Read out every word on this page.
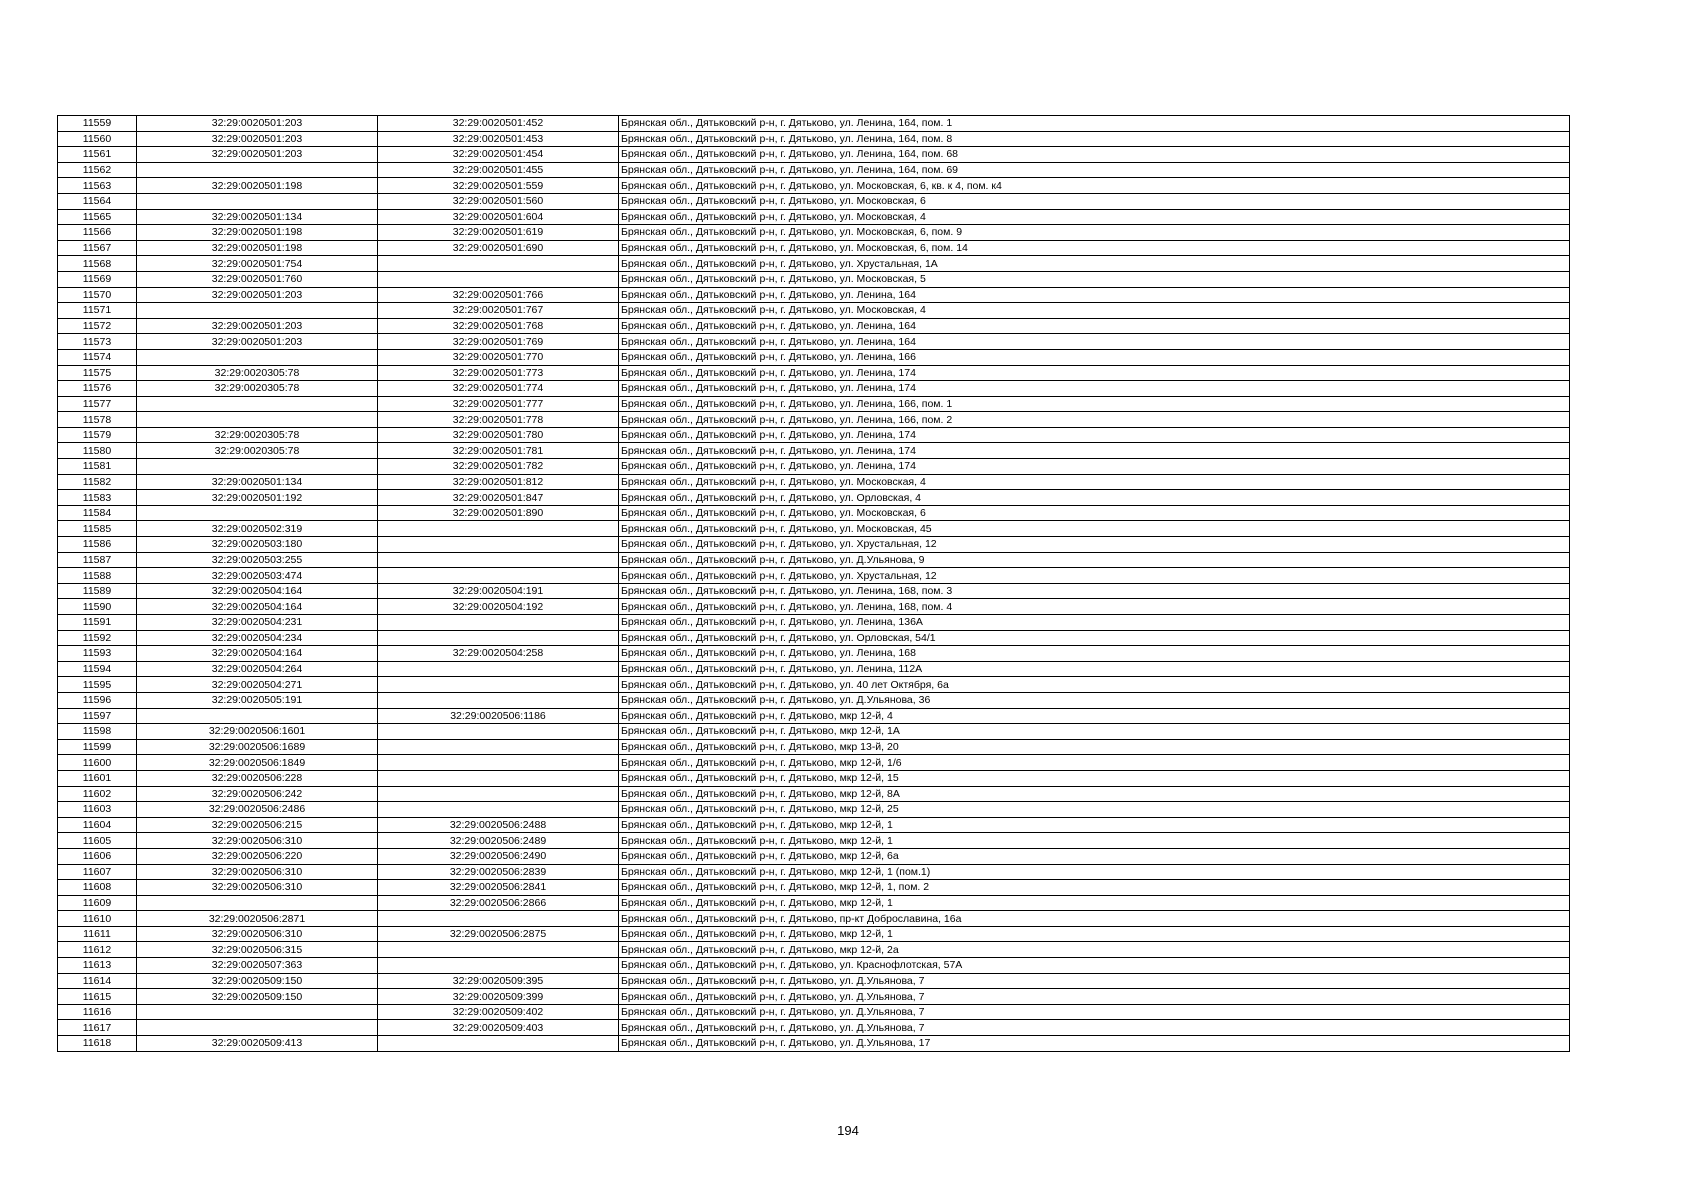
11559	32:29:0020501:203	32:29:0020501:452	Брянская обл., Дятьковский р-н, г. Дятьково, ул. Ленина, 164, пом. 1
11560	32:29:0020501:203	32:29:0020501:453	Брянская обл., Дятьковский р-н, г. Дятьково, ул. Ленина, 164, пом. 8
11561	32:29:0020501:203	32:29:0020501:454	Брянская обл., Дятьковский р-н, г. Дятьково, ул. Ленина, 164, пом. 68
11562		32:29:0020501:455	Брянская обл., Дятьковский р-н, г. Дятьково, ул. Ленина, 164, пом. 69
11563	32:29:0020501:198	32:29:0020501:559	Брянская обл., Дятьковский р-н, г. Дятьково, ул. Московская, 6, кв. к 4, пом. к4
11564		32:29:0020501:560	Брянская обл., Дятьковский р-н, г. Дятьково, ул. Московская, 6
11565	32:29:0020501:134	32:29:0020501:604	Брянская обл., Дятьковский р-н, г. Дятьково, ул. Московская, 4
11566	32:29:0020501:198	32:29:0020501:619	Брянская обл., Дятьковский р-н, г. Дятьково, ул. Московская, 6, пом. 9
11567	32:29:0020501:198	32:29:0020501:690	Брянская обл., Дятьковский р-н, г. Дятьково, ул. Московская, 6, пом. 14
11568	32:29:0020501:754		Брянская обл., Дятьковский р-н, г. Дятьково, ул. Хрустальная, 1А
11569	32:29:0020501:760		Брянская обл., Дятьковский р-н, г. Дятьково, ул. Московская, 5
11570	32:29:0020501:203	32:29:0020501:766	Брянская обл., Дятьковский р-н, г. Дятьково, ул. Ленина, 164
11571		32:29:0020501:767	Брянская обл., Дятьковский р-н, г. Дятьково, ул. Московская, 4
11572	32:29:0020501:203	32:29:0020501:768	Брянская обл., Дятьковский р-н, г. Дятьково, ул. Ленина, 164
11573	32:29:0020501:203	32:29:0020501:769	Брянская обл., Дятьковский р-н, г. Дятьково, ул. Ленина, 164
11574		32:29:0020501:770	Брянская обл., Дятьковский р-н, г. Дятьково, ул. Ленина, 166
11575	32:29:0020305:78	32:29:0020501:773	Брянская обл., Дятьковский р-н, г. Дятьково, ул. Ленина, 174
11576	32:29:0020305:78	32:29:0020501:774	Брянская обл., Дятьковский р-н, г. Дятьково, ул. Ленина, 174
11577		32:29:0020501:777	Брянская обл., Дятьковский р-н, г. Дятьково, ул. Ленина, 166, пом. 1
11578		32:29:0020501:778	Брянская обл., Дятьковский р-н, г. Дятьково, ул. Ленина, 166, пом. 2
11579	32:29:0020305:78	32:29:0020501:780	Брянская обл., Дятьковский р-н, г. Дятьково, ул. Ленина, 174
11580	32:29:0020305:78	32:29:0020501:781	Брянская обл., Дятьковский р-н, г. Дятьково, ул. Ленина, 174
11581		32:29:0020501:782	Брянская обл., Дятьковский р-н, г. Дятьково, ул. Ленина, 174
11582	32:29:0020501:134	32:29:0020501:812	Брянская обл., Дятьковский р-н, г. Дятьково, ул. Московская, 4
11583	32:29:0020501:192	32:29:0020501:847	Брянская обл., Дятьковский р-н, г. Дятьково, ул. Орловская, 4
11584		32:29:0020501:890	Брянская обл., Дятьковский р-н, г. Дятьково, ул. Московская, 6
11585	32:29:0020502:319		Брянская обл., Дятьковский р-н, г. Дятьково, ул. Московская, 45
11586	32:29:0020503:180		Брянская обл., Дятьковский р-н, г. Дятьково, ул. Хрустальная, 12
11587	32:29:0020503:255		Брянская обл., Дятьковский р-н, г. Дятьково, ул. Д.Ульянова, 9
11588	32:29:0020503:474		Брянская обл., Дятьковский р-н, г. Дятьково, ул. Хрустальная, 12
11589	32:29:0020504:164	32:29:0020504:191	Брянская обл., Дятьковский р-н, г. Дятьково, ул. Ленина, 168, пом. 3
11590	32:29:0020504:164	32:29:0020504:192	Брянская обл., Дятьковский р-н, г. Дятьково, ул. Ленина, 168, пом. 4
11591	32:29:0020504:231		Брянская обл., Дятьковский р-н, г. Дятьково, ул. Ленина, 136А
11592	32:29:0020504:234		Брянская обл., Дятьковский р-н, г. Дятьково, ул. Орловская, 54/1
11593	32:29:0020504:164	32:29:0020504:258	Брянская обл., Дятьковский р-н, г. Дятьково, ул. Ленина, 168
11594	32:29:0020504:264		Брянская обл., Дятьковский р-н, г. Дятьково, ул. Ленина, 112А
11595	32:29:0020504:271		Брянская обл., Дятьковский р-н, г. Дятьково, ул. 40 лет Октября, 6а
11596	32:29:0020505:191		Брянская обл., Дятьковский р-н, г. Дятьково, ул. Д.Ульянова, 36
11597		32:29:0020506:1186	Брянская обл., Дятьковский р-н, г. Дятьково, мкр 12-й, 4
11598	32:29:0020506:1601		Брянская обл., Дятьковский р-н, г. Дятьково, мкр 12-й, 1А
11599	32:29:0020506:1689		Брянская обл., Дятьковский р-н, г. Дятьково, мкр 13-й, 20
11600	32:29:0020506:1849		Брянская обл., Дятьковский р-н, г. Дятьково, мкр 12-й, 1/6
11601	32:29:0020506:228		Брянская обл., Дятьковский р-н, г. Дятьково, мкр 12-й, 15
11602	32:29:0020506:242		Брянская обл., Дятьковский р-н, г. Дятьково, мкр 12-й, 8А
11603	32:29:0020506:2486		Брянская обл., Дятьковский р-н, г. Дятьково, мкр 12-й, 25
11604	32:29:0020506:215	32:29:0020506:2488	Брянская обл., Дятьковский р-н, г. Дятьково, мкр 12-й, 1
11605	32:29:0020506:310	32:29:0020506:2489	Брянская обл., Дятьковский р-н, г. Дятьково, мкр 12-й, 1
11606	32:29:0020506:220	32:29:0020506:2490	Брянская обл., Дятьковский р-н, г. Дятьково, мкр 12-й, 6а
11607	32:29:0020506:310	32:29:0020506:2839	Брянская обл., Дятьковский р-н, г. Дятьково, мкр 12-й, 1 (пом.1)
11608	32:29:0020506:310	32:29:0020506:2841	Брянская обл., Дятьковский р-н, г. Дятьково, мкр 12-й, 1, пом. 2
11609		32:29:0020506:2866	Брянская обл., Дятьковский р-н, г. Дятьково, мкр 12-й, 1
11610	32:29:0020506:2871		Брянская обл., Дятьковский р-н, г. Дятьково, пр-кт Доброславина, 16а
11611	32:29:0020506:310	32:29:0020506:2875	Брянская обл., Дятьковский р-н, г. Дятьково, мкр 12-й, 1
11612	32:29:0020506:315		Брянская обл., Дятьковский р-н, г. Дятьково, мкр 12-й, 2а
11613	32:29:0020507:363		Брянская обл., Дятьковский р-н, г. Дятьково, ул. Краснофлотская, 57А
11614	32:29:0020509:150	32:29:0020509:395	Брянская обл., Дятьковский р-н, г. Дятьково, ул. Д.Ульянова, 7
11615	32:29:0020509:150	32:29:0020509:399	Брянская обл., Дятьковский р-н, г. Дятьково, ул. Д.Ульянова, 7
11616		32:29:0020509:402	Брянская обл., Дятьковский р-н, г. Дятьково, ул. Д.Ульянова, 7
11617		32:29:0020509:403	Брянская обл., Дятьковский р-н, г. Дятьково, ул. Д.Ульянова, 7
11618	32:29:0020509:413		Брянская обл., Дятьковский р-н, г. Дятьково, ул. Д.Ульянова, 17
194
